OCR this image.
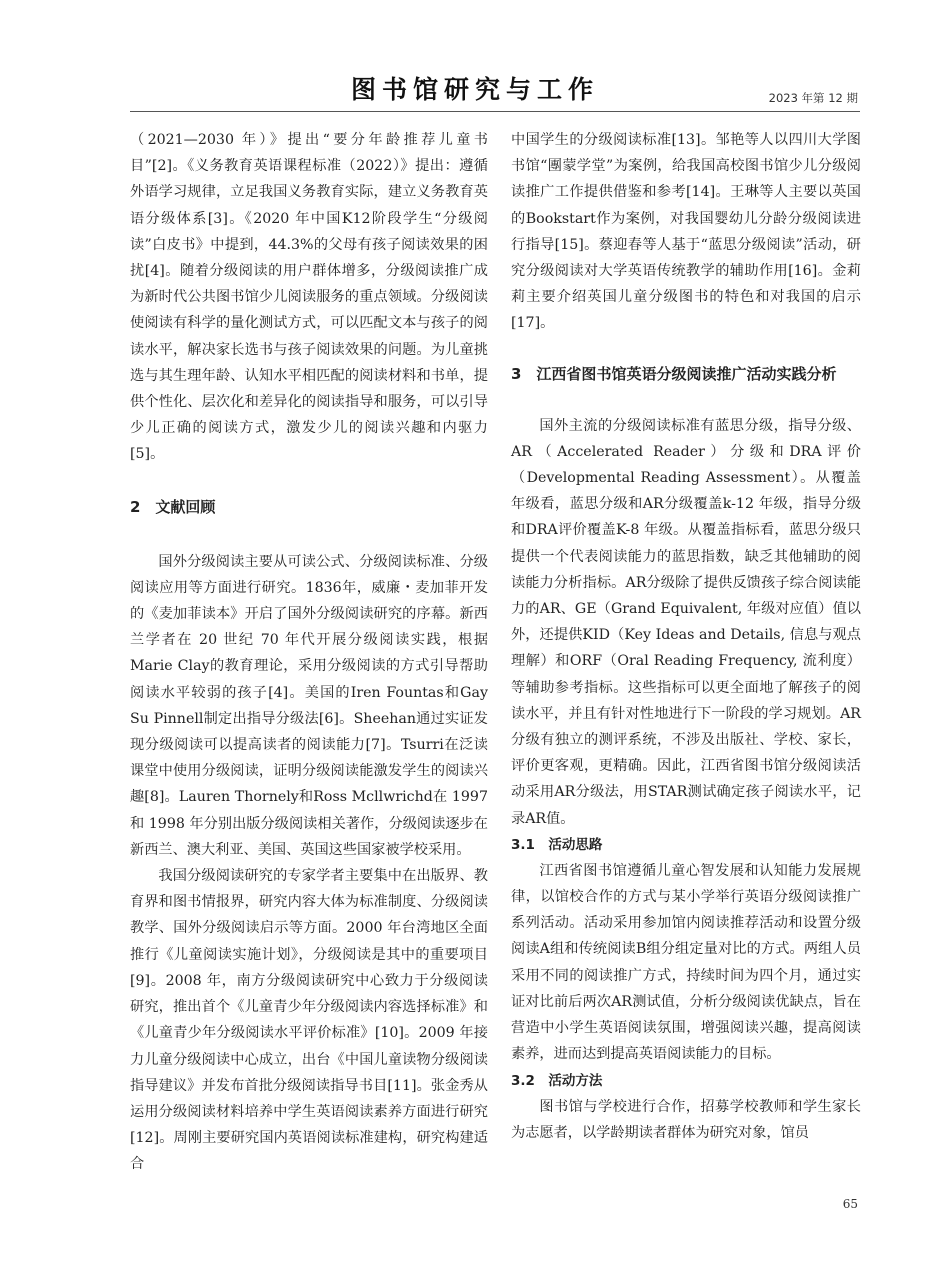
图书馆研究与工作	2023 年第 12 期

（2021—2030 年）》提出“要分年龄推荐儿童书目”[2]。《义务教育英语课程标准（2022）》提出：遵循外语学习规律，立足我国义务教育实际，建立义务教育英语分级体系[3]。《2020 年中国K12阶段学生“分级阅读”白皮书》中提到，44.3%的父母有孩子阅读效果的困扰[4]。随着分级阅读的用户群体增多，分级阅读推广成为新时代公共图书馆少儿阅读服务的重点领域。分级阅读使阅读有科学的量化测试方式，可以匹配文本与孩子的阅读水平，解决家长选书与孩子阅读效果的问题。为儿童挑选与其生理年龄、认知水平相匹配的阅读材料和书单，提供个性化、层次化和差异化的阅读指导和服务，可以引导少儿正确的阅读方式，激发少儿的阅读兴趣和内驱力[5]。

2　文献回顾

国外分级阅读主要从可读公式、分级阅读标准、分级阅读应用等方面进行研究。1836年，威廉・麦加菲开发的《麦加菲读本》开启了国外分级阅读研究的序幕。新西兰学者在 20 世纪 70 年代开展分级阅读实践，根据Marie Clay的教育理论，采用分级阅读的方式引导帮助阅读水平较弱的孩子[4]。美国的Iren Fountas和Gay Su Pinnell制定出指导分级法[6]。Sheehan通过实证发现分级阅读可以提高读者的阅读能力[7]。Tsurri在泛读课堂中使用分级阅读，证明分级阅读能激发学生的阅读兴趣[8]。Lauren Thornely和Ross Mcllwrichd在 1997 和 1998 年分别出版分级阅读相关著作，分级阅读逐步在新西兰、澳大利亚、美国、英国这些国家被学校采用。

我国分级阅读研究的专家学者主要集中在出版界、教育界和图书情报界，研究内容大体为标准制度、分级阅读教学、国外分级阅读启示等方面。2000 年台湾地区全面推行《儿童阅读实施计划》，分级阅读是其中的重要项目[9]。2008 年，南方分级阅读研究中心致力于分级阅读研究，推出首个《儿童青少年分级阅读内容选择标准》和《儿童青少年分级阅读水平评价标准》[10]。2009 年接力儿童分级阅读中心成立，出台《中国儿童读物分级阅读指导建议》并发布首批分级阅读指导书目[11]。张金秀从运用分级阅读材料培养中学生英语阅读素养方面进行研究[12]。周刚主要研究国内英语阅读标准建构，研究构建适合

中国学生的分级阅读标准[13]。邹艳等人以四川大学图书馆“團蒙学堂”为案例，给我国高校图书馆少儿分级阅读推广工作提供借鉴和参考[14]。王琳等人主要以英国的Bookstart作为案例，对我国婴幼儿分龄分级阅读进行指导[15]。蔡迎春等人基于“蓝思分级阅读”活动，研究分级阅读对大学英语传统教学的辅助作用[16]。金莉莉主要介绍英国儿童分级图书的特色和对我国的启示[17]。

3　江西省图书馆英语分级阅读推广活动实践分析

国外主流的分级阅读标准有蓝思分级，指导分级、AR（Accelerated Reader）分级和DRA评价（Developmental Reading Assessment）。从覆盖年级看，蓝思分级和AR分级覆盖k-12 年级，指导分级和DRA评价覆盖K-8 年级。从覆盖指标看，蓝思分级只提供一个代表阅读能力的蓝思指数，缺乏其他辅助的阅读能力分析指标。AR分级除了提供反馈孩子综合阅读能力的AR、GE（Grand Equivalent, 年级对应值）值以外，还提供KID（Key Ideas and Details, 信息与观点理解）和ORF（Oral Reading Frequency, 流利度）等辅助参考指标。这些指标可以更全面地了解孩子的阅读水平，并且有针对性地进行下一阶段的学习规划。AR分级有独立的测评系统，不涉及出版社、学校、家长，评价更客观，更精确。因此，江西省图书馆分级阅读活动采用AR分级法，用STAR测试确定孩子阅读水平，记录AR值。

3.1　活动思路

江西省图书馆遵循儿童心智发展和认知能力发展规律，以馆校合作的方式与某小学举行英语分级阅读推广系列活动。活动采用参加馆内阅读推荐活动和设置分级阅读A组和传统阅读B组分组定量对比的方式。两组人员采用不同的阅读推广方式，持续时间为四个月，通过实证对比前后两次AR测试值，分析分级阅读优缺点，旨在营造中小学生英语阅读氛围，增强阅读兴趣，提高阅读素养，进而达到提高英语阅读能力的目标。

3.2　活动方法

图书馆与学校进行合作，招募学校教师和学生家长为志愿者，以学龄期读者群体为研究对象，馆员

65
